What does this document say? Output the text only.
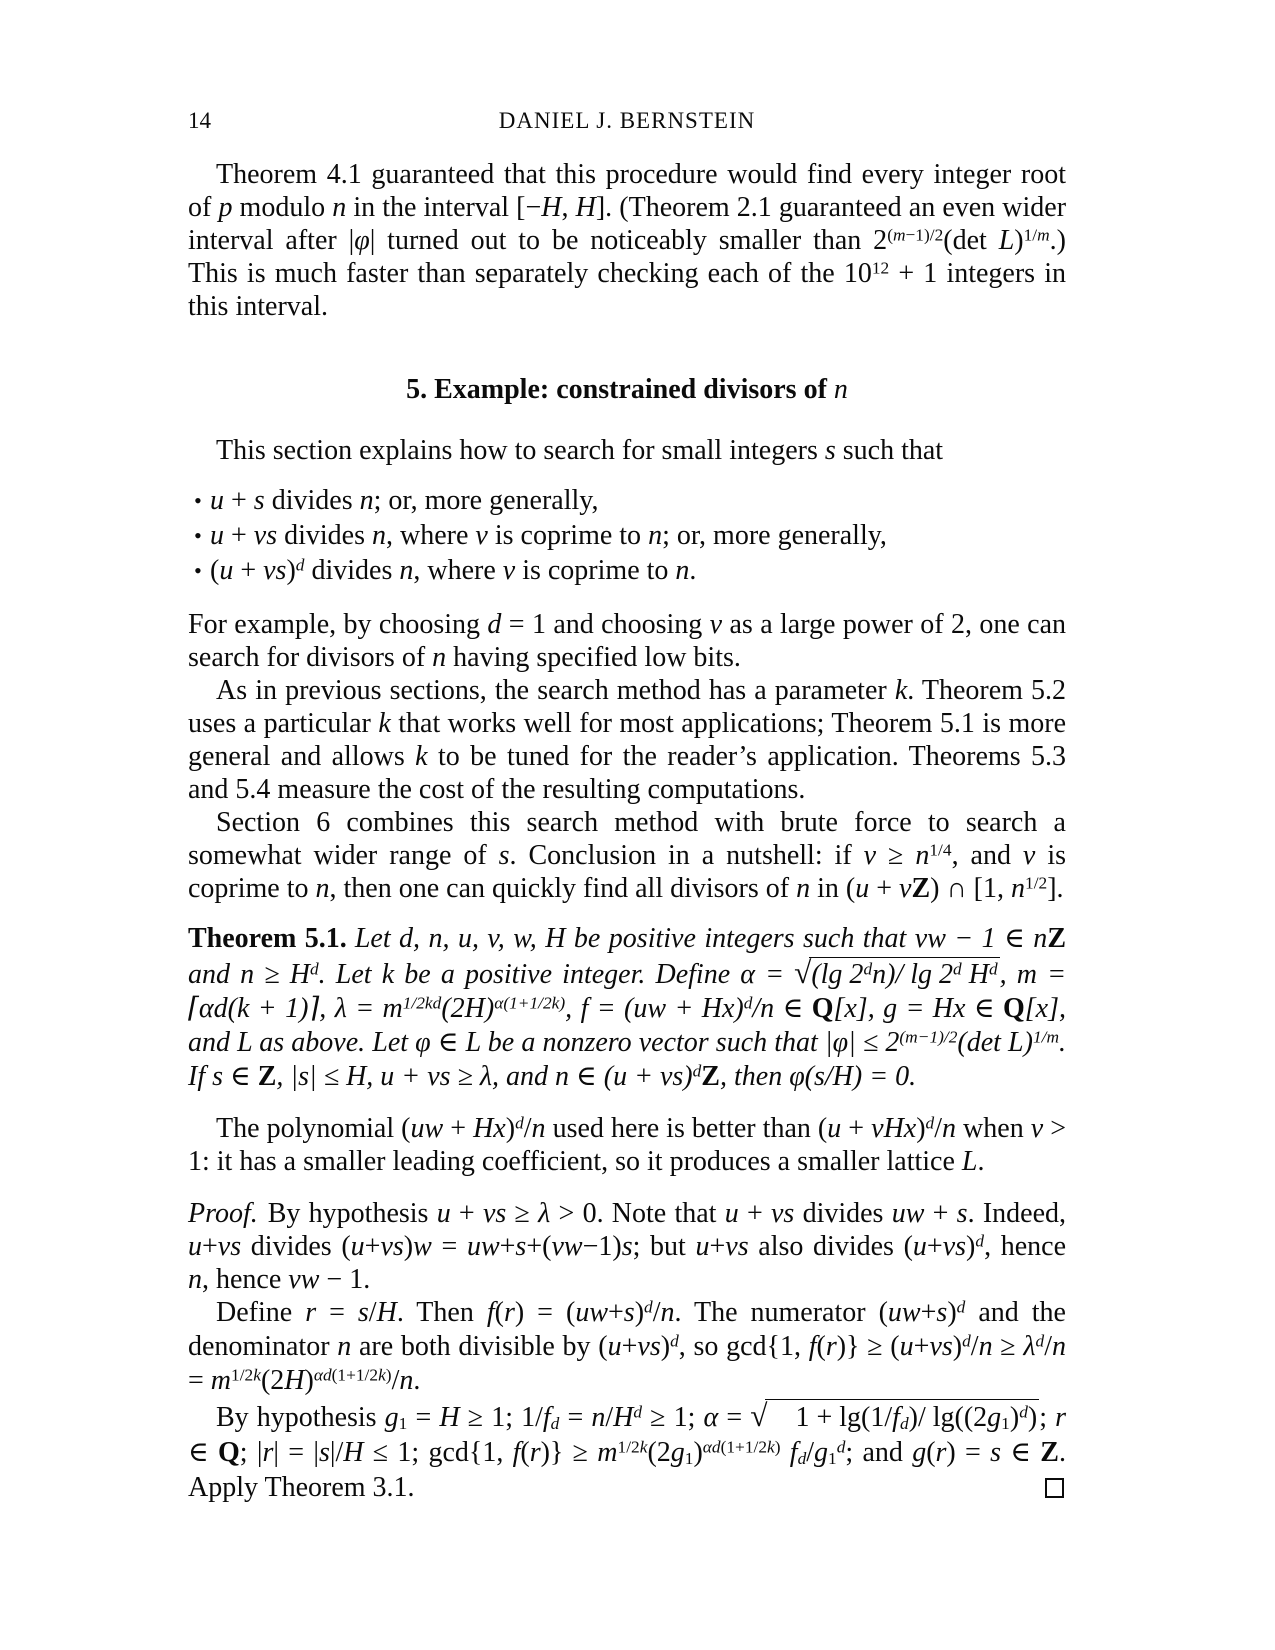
14	DANIEL J. BERNSTEIN

Theorem 4.1 guaranteed that this procedure would find every integer root of p modulo n in the interval [−H, H]. (Theorem 2.1 guaranteed an even wider interval after |φ| turned out to be noticeably smaller than $2^{(m-1)/2}(\det$ L)$^{1/m}$.) This is much faster than separately checking each of the $10^{12} + 1$ integers in this interval.

5. Example: constrained divisors of n

This section explains how to search for small integers s such that

• u + s divides n; or, more generally,
• u + vs divides n, where v is coprime to n; or, more generally,
• (u + vs)$^d$ divides n, where v is coprime to n.

For example, by choosing d = 1 and choosing v as a large power of 2, one can search for divisors of n having specified low bits.

As in previous sections, the search method has a parameter k. Theorem 5.2 uses a particular k that works well for most applications; Theorem 5.1 is more general and allows k to be tuned for the reader’s application. Theorems 5.3 and 5.4 measure the cost of the resulting computations.

Section 6 combines this search method with brute force to search a somewhat wider range of s. Conclusion in a nutshell: if $v \ge n^{1/4}$, and v is coprime to n, then one can quickly find all divisors of n in (u + vZ) ∩ [1, $n^{1/2}$].

Theorem 5.1. Let d, n, u, v, w, H be positive integers such that vw − 1 ∈ nZ and $n \ge H^d$. Let k be a positive integer. Define α = √(lg 2$^d$n)/ lg 2$^d$ $H^d$, m = ⌈αd(k + 1)⌉, $\lambda = m^{1/2kd}(2H)^{\alpha(1+1/2k)}$, f = (uw + Hx)$^d$/n ∈ Q[x], g = Hx ∈ Q[x], and L as above. Let φ ∈ L be a nonzero vector such that $|\varphi| \le 2^{(m-1)/2}(\det$ L)$^{1/m}$. If s ∈ Z, |s| ≤ H, u + vs ≥ λ, and n ∈ (u + vs)$^d$Z, then φ(s/H) = 0.

The polynomial (uw + Hx)$^d$/n used here is better than (u + vHx)$^d$/n when v > 1: it has a smaller leading coefficient, so it produces a smaller lattice L.

Proof. By hypothesis u + vs ≥ λ > 0. Note that u + vs divides uw + s. Indeed, u+vs divides (u+vs)w = uw+s+(vw−1)s; but u+vs also divides $(u+vs)^d$, hence n, hence vw − 1.

Define r = s/H. Then $f(r) = (uw+s)^d/n$. The numerator $(uw+s)^d$ and the denominator n are both divisible by $(u+vs)^d$, so gcd{1, $f(r)\} \ge (u+vs)^d/n \ge \lambda^d/n = m^{1/2k}(2H)^{\alpha d(1+1/2k)}/n$.

By hypothesis $g_1 = H \ge 1$; $1/f_d = n/H^d \ge 1$; α = √ $1 + \lg(1/f_d)/$ $\lg((2g_1)^d)$; r ∈ Q; |r| = |s|/H ≤ 1; gcd{1, $f(r)\} \ge m^{1/2k}(2g_1)^{\alpha d(1+1/2k)}$ $f_d/g_1^d$; and g(r) = s ∈ Z. Apply Theorem 3.1.
